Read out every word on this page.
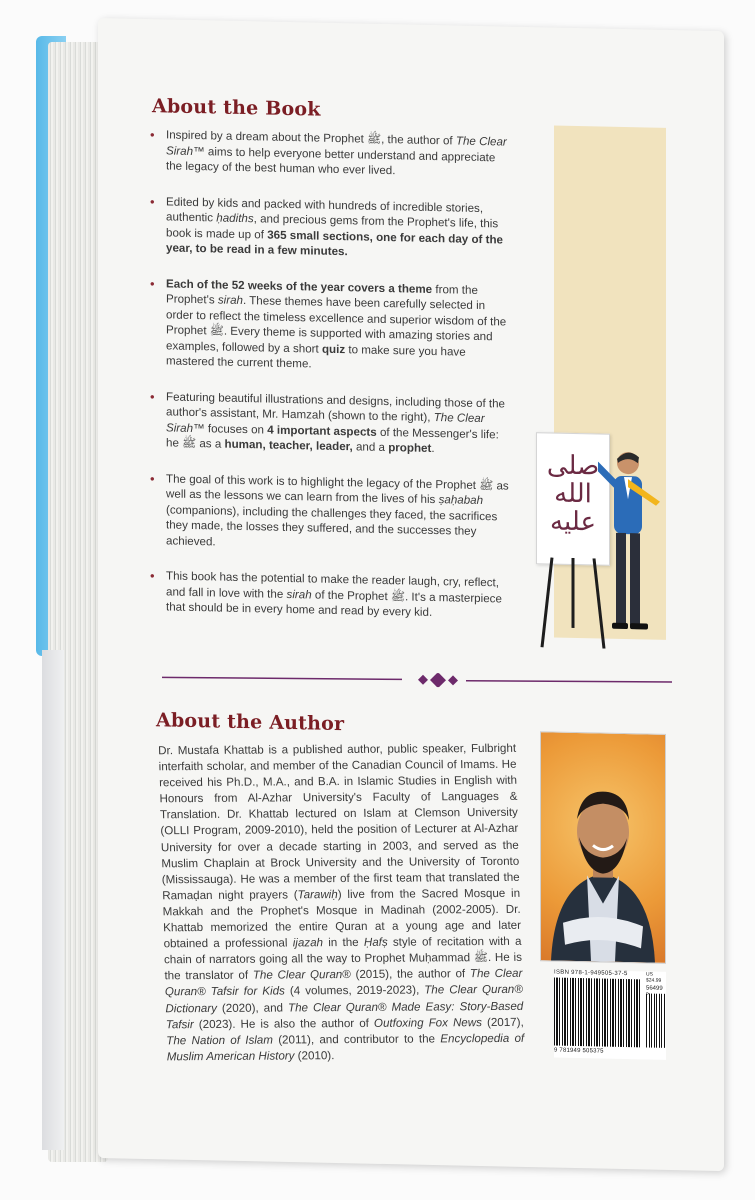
About the Book
• Inspired by a dream about the Prophet ﷺ, the author of The Clear Sirah™ aims to help everyone better understand and appreciate the legacy of the best human who ever lived.
• Edited by kids and packed with hundreds of incredible stories, authentic ḥadiths, and precious gems from the Prophet's life, this book is made up of 365 small sections, one for each day of the year, to be read in a few minutes.
• Each of the 52 weeks of the year covers a theme from the Prophet's sirah. These themes have been carefully selected in order to reflect the timeless excellence and superior wisdom of the Prophet ﷺ. Every theme is supported with amazing stories and examples, followed by a short quiz to make sure you have mastered the current theme.
• Featuring beautiful illustrations and designs, including those of the author's assistant, Mr. Hamzah (shown to the right), The Clear Sirah™ focuses on 4 important aspects of the Messenger's life: he ﷺ as a human, teacher, leader, and a prophet.
• The goal of this work is to highlight the legacy of the Prophet ﷺ as well as the lessons we can learn from the lives of his ṣaḥabah (companions), including the challenges they faced, the sacrifices they made, the losses they suffered, and the successes they achieved.
• This book has the potential to make the reader laugh, cry, reflect, and fall in love with the sirah of the Prophet ﷺ. It's a masterpiece that should be in every home and read by every kid.
صلى
الله
عليه
About the Author

Dr. Mustafa Khattab is a published author, public speaker, Fulbright interfaith scholar, and member of the Canadian Council of Imams. He received his Ph.D., M.A., and B.A. in Islamic Studies in English with Honours from Al-Azhar University's Faculty of Languages & Translation. Dr. Khattab lectured on Islam at Clemson University (OLLI Program, 2009-2010), held the position of Lecturer at Al-Azhar University for over a decade starting in 2003, and served as the Muslim Chaplain at Brock University and the University of Toronto (Mississauga). He was a member of the first team that translated the Ramaḍan night prayers (Tarawiḥ) live from the Sacred Mosque in Makkah and the Prophet's Mosque in Madinah (2002-2005). Dr. Khattab memorized the entire Quran at a young age and later obtained a professional ijazah in the Ḥafṣ style of recitation with a chain of narrators going all the way to Prophet Muḥammad ﷺ. He is the translator of The Clear Quran® (2015), the author of The Clear Quran® Tafsir for Kids (4 volumes, 2019-2023), The Clear Quran® Dictionary (2020), and The Clear Quran® Made Easy: Story-Based Tafsir (2023). He is also the author of Outfoxing Fox News (2017), The Nation of Islam (2011), and contributor to the Encyclopedia of Muslim American History (2010).

ISBN 978-1-949505-37-5	US $24.99
56499 >
9 781949 505375
